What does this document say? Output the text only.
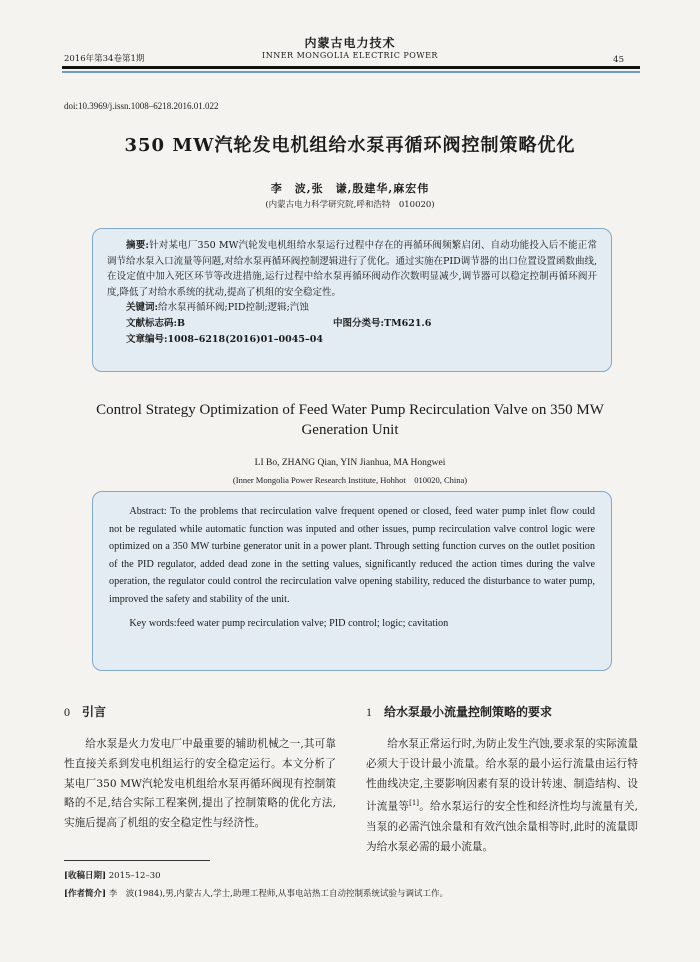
内蒙古电力技术
INNER MONGOLIA ELECTRIC POWER
2016年第34卷第1期	45
doi:10.3969/j.issn.1008–6218.2016.01.022
350 MW汽轮发电机组给水泵再循环阀控制策略优化
李　波,张　谦,殷建华,麻宏伟
(内蒙古电力科学研究院,呼和浩特　010020)

摘要:针对某电厂350 MW汽轮发电机组给水泵运行过程中存在的再循环阀频繁启闭、自动功能投入后不能正常调节给水泵入口流量等问题,对给水泵再循环阀控制逻辑进行了优化。通过实施在PID调节器的出口位置设置函数曲线,在设定值中加入死区环节等改进措施,运行过程中给水泵再循环阀动作次数明显减少,调节器可以稳定控制再循环阀开度,降低了对给水系统的扰动,提高了机组的安全稳定性。

关键词:给水泵再循环阀;PID控制;逻辑;汽蚀
文献标志码:B	中图分类号:TM621.6
文章编号:1008–6218(2016)01–0045–04
Control Strategy Optimization of Feed Water Pump Recirculation Valve on 350 MW Generation Unit
LI Bo, ZHANG Qian, YIN Jianhua, MA Hongwei
(Inner Mongolia Power Research Institute, Hohhot　010020, China)

Abstract: To the problems that recirculation valve frequent opened or closed, feed water pump inlet flow could not be regulated while automatic function was inputed and other issues, pump recirculation valve control logic were optimized on a 350 MW turbine generator unit in a power plant. Through setting function curves on the outlet position of the PID regulator, added dead zone in the setting values, significantly reduced the action times during the valve operation, the regulator could control the recirculation valve opening stability, reduced the disturbance to water pump, improved the safety and stability of the unit.

Key words:feed water pump recirculation valve; PID control; logic; cavitation
0 引言

给水泵是火力发电厂中最重要的辅助机械之一,其可靠性直接关系到发电机组运行的安全稳定运行。本文分析了某电厂350 MW汽轮发电机组给水泵再循环阀现有控制策略的不足,结合实际工程案例,提出了控制策略的优化方法,实施后提高了机组的安全稳定性与经济性。

1 给水泵最小流量控制策略的要求

给水泵正常运行时,为防止发生汽蚀,要求泵的实际流量必须大于设计最小流量。给水泵的最小运行流量由运行特性曲线决定,主要影响因素有泵的设计转速、制造结构、设计流量等[1]。给水泵运行的安全性和经济性均与流量有关,当泵的必需汽蚀余量和有效汽蚀余量相等时,此时的流量即为给水泵必需的最小流量。

[收稿日期] 2015–12–30
[作者简介] 李　波(1984),男,内蒙古人,学士,助理工程师,从事电站热工自动控制系统试验与调试工作。
